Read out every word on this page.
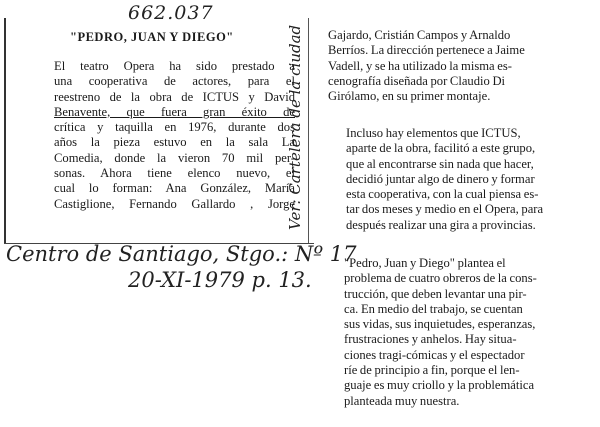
662.037
"PEDRO, JUAN Y DIEGO"

El teatro Opera ha sido prestado a
una cooperativa de actores, para el
reestreno de la obra de ICTUS y David
Benavente, que fuera gran éxito de
crítica y taquilla en 1976, durante dos
años la pieza estuvo en la sala La
Comedia, donde la vieron 70 mil per-
sonas. Ahora tiene elenco nuevo, el
cual lo forman: Ana González, María
Castiglione, Fernando Gallardo , Jorge

Gajardo, Cristián Campos y Arnaldo
Berríos. La dirección pertenece a Jaime
Vadell, y se ha utilizado la misma es-
cenografía diseñada por Claudio Di
Girólamo, en su primer montaje.

Incluso hay elementos que ICTUS,
aparte de la obra, facilitó a este grupo,
que al encontrarse sin nada que hacer,
decidió juntar algo de dinero y formar
esta cooperativa, con la cual piensa es-
tar dos meses y medio en el Opera, para
después realizar una gira a provincias.

"Pedro, Juan y Diego" plantea el
problema de cuatro obreros de la cons-
trucción, que deben levantar una pir-
ca. En medio del trabajo, se cuentan
sus vidas, sus inquietudes, esperanzas,
frustraciones y anhelos. Hay situa-
ciones tragi-cómicas y el espectador
ríe de principio a fin, porque el len-
guaje es muy criollo y la problemática
planteada muy nuestra.

Ver: Cartelera de la ciudad
Centro de Santiago, Stgo.: Nº 17
20-XI-1979 p. 13.
